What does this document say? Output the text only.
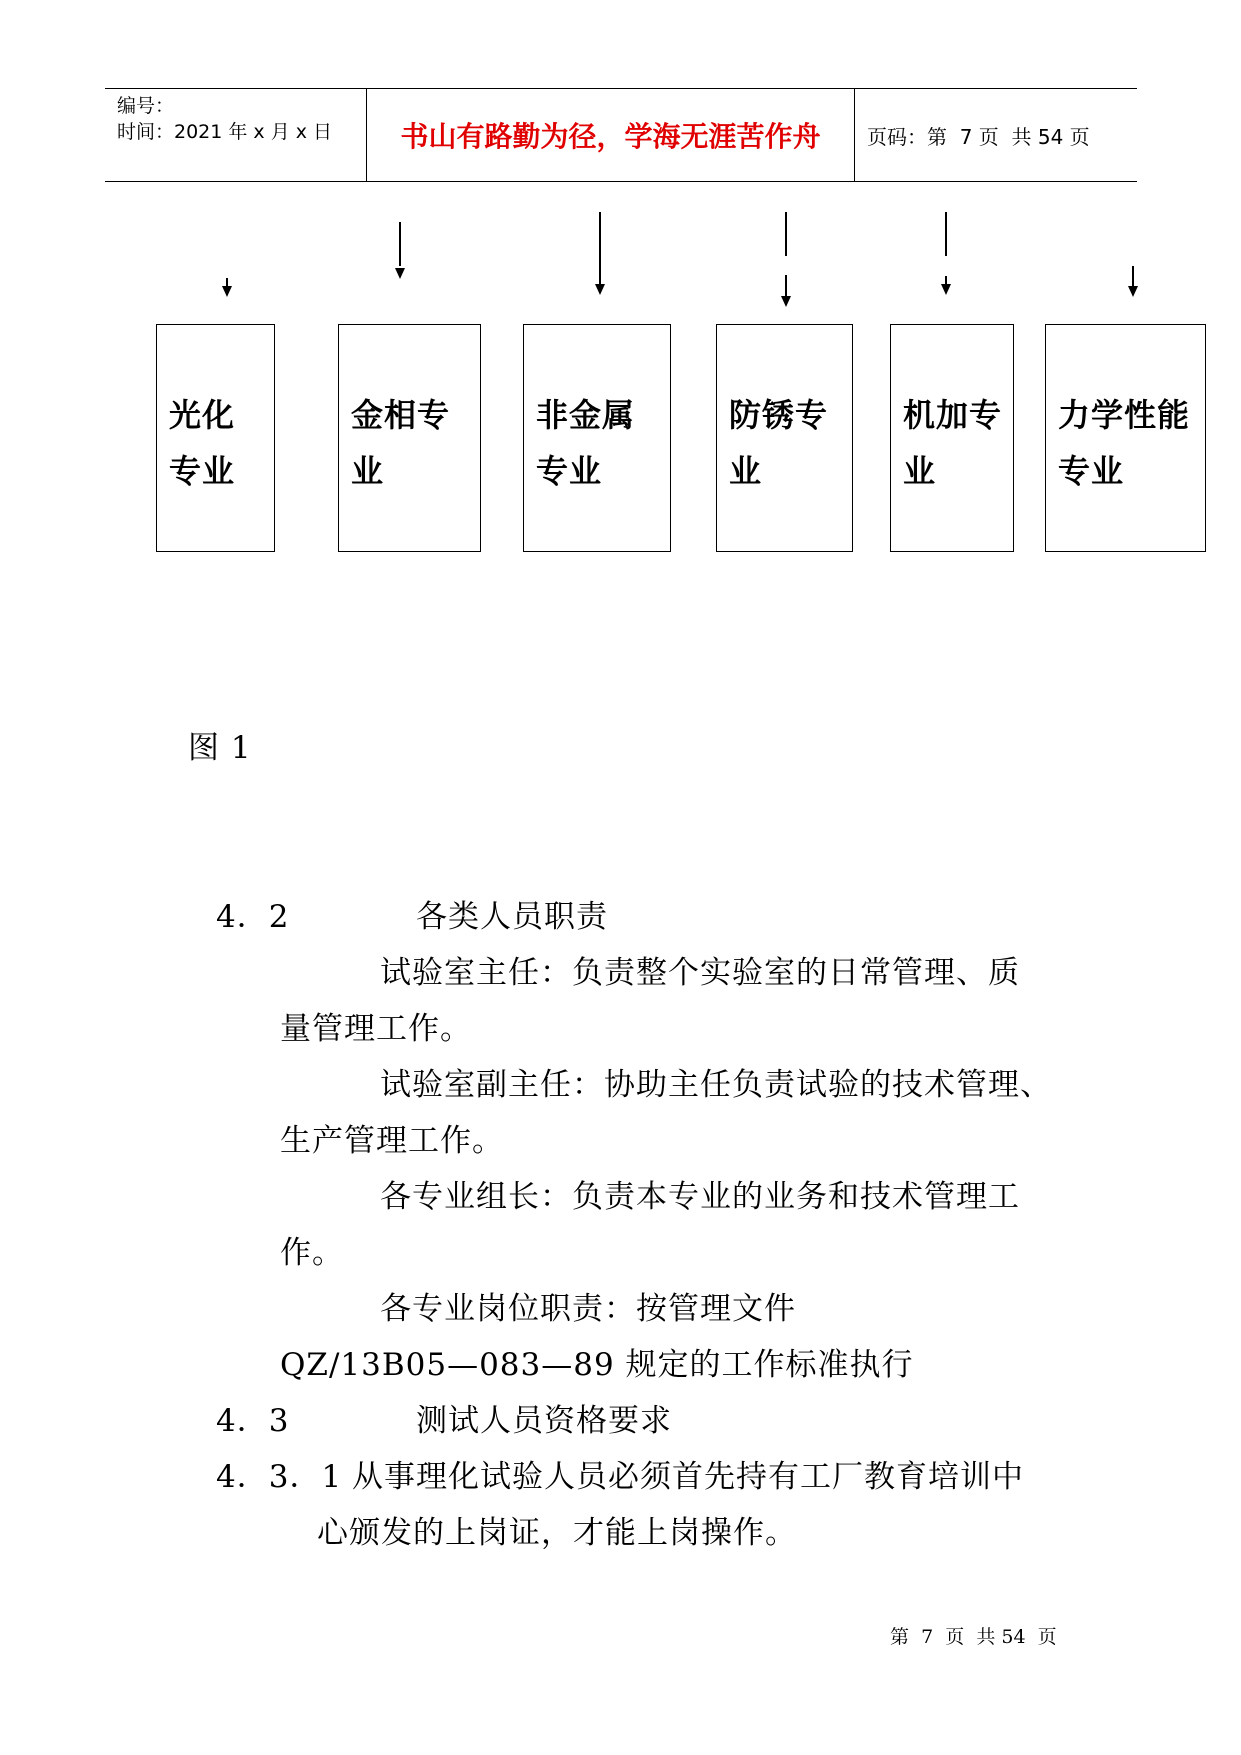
编号：
时间：2021 年 x 月 x 日	书山有路勤为径，学海无涯苦作舟	页码：第  7 页  共 54 页
光化
专业
金相专
业
非金属
专业
防锈专
业
机加专
业
力学性能
专业
图 1
4．2	各类人员职责
试验室主任：负责整个实验室的日常管理、质
量管理工作。
试验室副主任：协助主任负责试验的技术管理、
生产管理工作。
各专业组长：负责本专业的业务和技术管理工
作。
各专业岗位职责：按管理文件
QZ/13B05—083—89 规定的工作标准执行
4．3	测试人员资格要求
4．3．1 从事理化试验人员必须首先持有工厂教育培训中
心颁发的上岗证，才能上岗操作。
第  7  页  共 54  页
